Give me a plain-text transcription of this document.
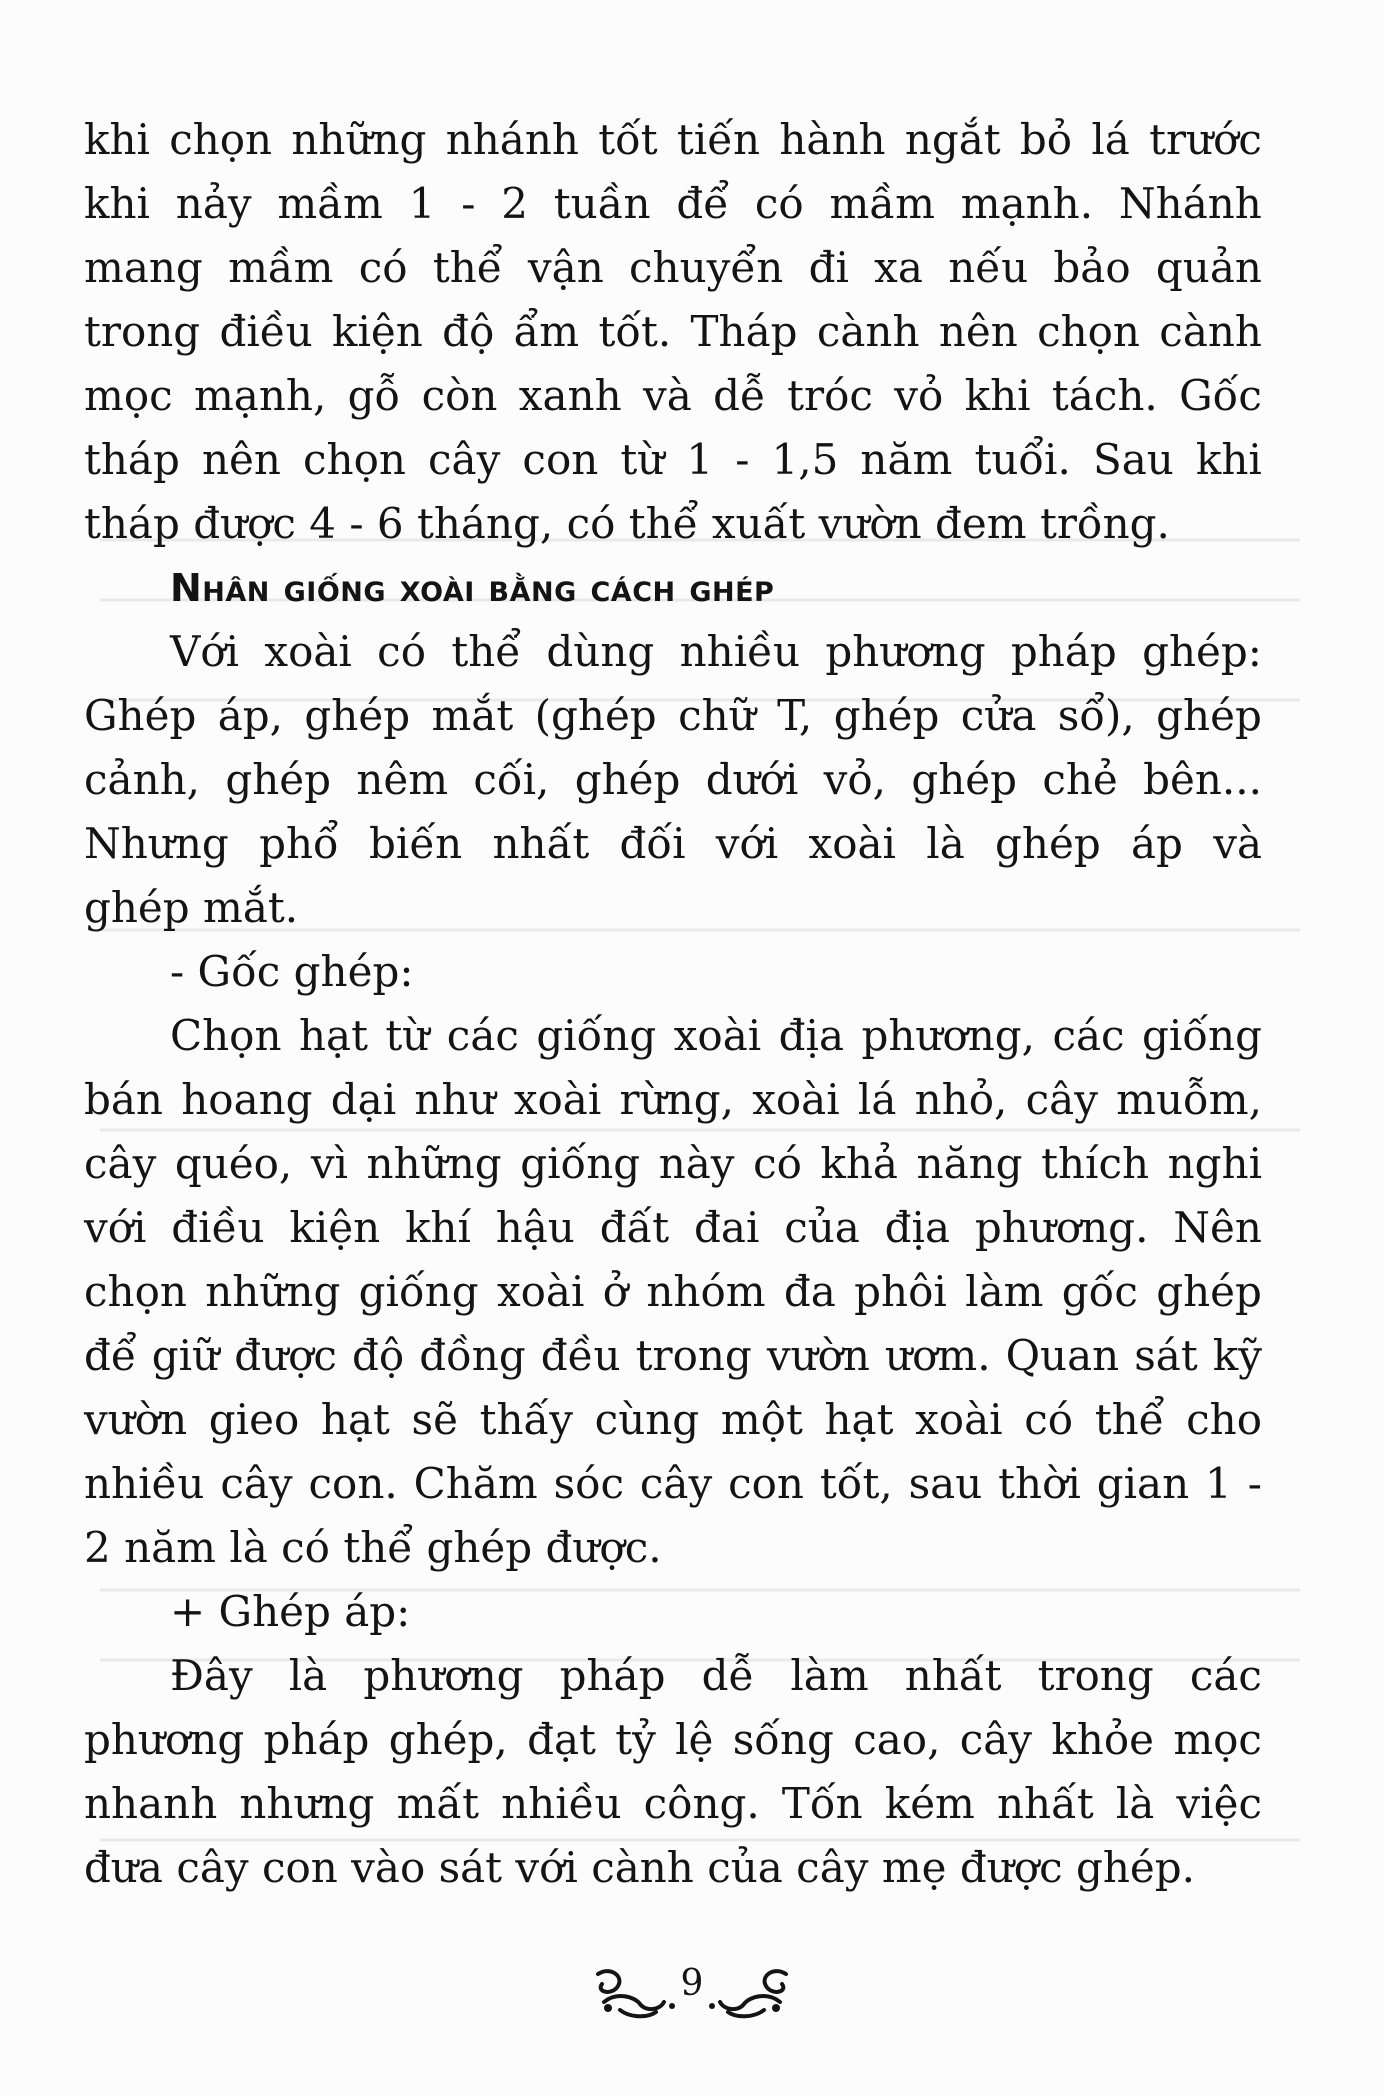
khi chọn những nhánh tốt tiến hành ngắt bỏ lá trước
khi nảy mầm 1 - 2 tuần để có mầm mạnh. Nhánh
mang mầm có thể vận chuyển đi xa nếu bảo quản
trong điều kiện độ ẩm tốt. Tháp cành nên chọn cành
mọc mạnh, gỗ còn xanh và dễ tróc vỏ khi tách. Gốc
tháp nên chọn cây con từ 1 - 1,5 năm tuổi. Sau khi
tháp được 4 - 6 tháng, có thể xuất vườn đem trồng.
Nhân giống xoài bằng cách ghép
Với xoài có thể dùng nhiều phương pháp ghép:
Ghép áp, ghép mắt (ghép chữ T, ghép cửa sổ), ghép
cảnh, ghép nêm cối, ghép dưới vỏ, ghép chẻ bên...
Nhưng phổ biến nhất đối với xoài là ghép áp và
ghép mắt.
- Gốc ghép:
Chọn hạt từ các giống xoài địa phương, các giống
bán hoang dại như xoài rừng, xoài lá nhỏ, cây muỗm,
cây quéo, vì những giống này có khả năng thích nghi
với điều kiện khí hậu đất đai của địa phương. Nên
chọn những giống xoài ở nhóm đa phôi làm gốc ghép
để giữ được độ đồng đều trong vườn ươm. Quan sát kỹ
vườn gieo hạt sẽ thấy cùng một hạt xoài có thể cho
nhiều cây con. Chăm sóc cây con tốt, sau thời gian 1 -
2 năm là có thể ghép được.
+ Ghép áp:
Đây là phương pháp dễ làm nhất trong các
phương pháp ghép, đạt tỷ lệ sống cao, cây khỏe mọc
nhanh nhưng mất nhiều công. Tốn kém nhất là việc
đưa cây con vào sát với cành của cây mẹ được ghép.
9
